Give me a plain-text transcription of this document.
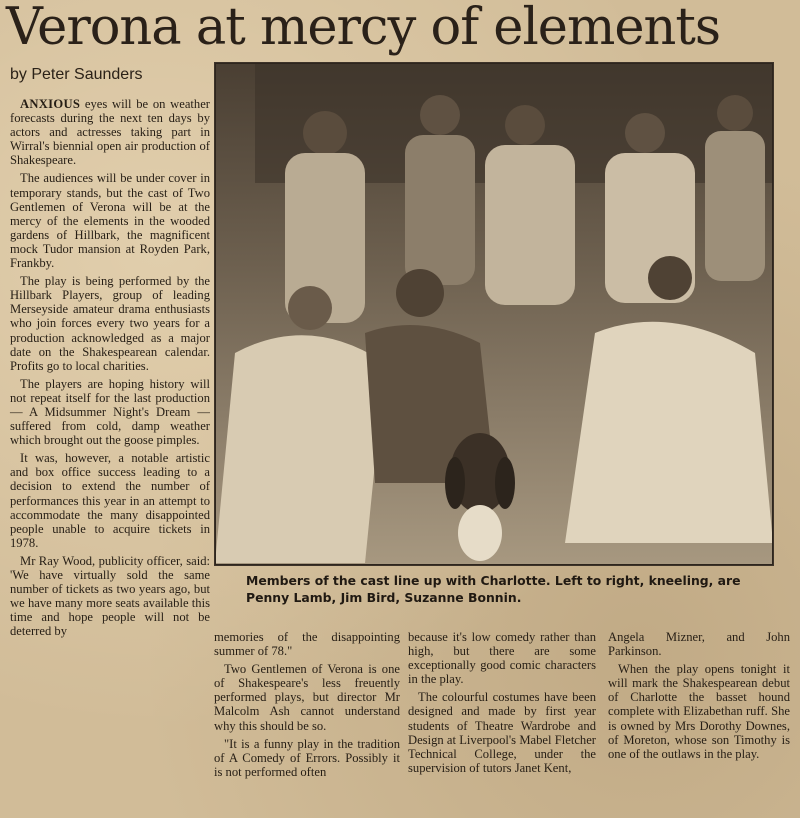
Verona at mercy of elements
by Peter Saunders

ANXIOUS eyes will be on weather forecasts during the next ten days by actors and actresses taking part in Wirral's biennial open air production of Shakespeare.

The audiences will be under cover in temporary stands, but the cast of Two Gentlemen of Verona will be at the mercy of the elements in the wooded gardens of Hillbark, the magnificent mock Tudor mansion at Royden Park, Frankby.

The play is being performed by the Hillbark Players, group of leading Merseyside amateur drama enthusiasts who join forces every two years for a production acknowledged as a major date on the Shakespearean calendar. Profits go to local charities.

The players are hoping history will not repeat itself for the last production — A Midsummer Night's Dream — suffered from cold, damp weather which brought out the goose pimples.

It was, however, a notable artistic and box office success leading to a decision to extend the number of performances this year in an attempt to accommodate the many disappointed people unable to acquire tickets in 1978.

Mr Ray Wood, publicity officer, said: 'We have virtually sold the same number of tickets as two years ago, but we have many more seats available this time and hope people will not be deterred by

Members of the cast line up with Charlotte. Left to right, kneeling, are Penny Lamb, Jim Bird, Suzanne Bonnin.

memories of the disappointing summer of 78."

Two Gentlemen of Verona is one of Shakespeare's less freuently performed plays, but director Mr Malcolm Ash cannot understand why this should be so.

"It is a funny play in the tradition of A Comedy of Errors. Possibly it is not performed often

because it's low comedy rather than high, but there are some exceptionally good comic characters in the play.

The colourful costumes have been designed and made by first year students of Theatre Wardrobe and Design at Liverpool's Mabel Fletcher Technical College, under the supervision of tutors Janet Kent,

Angela Mizner, and John Parkinson.

When the play opens tonight it will mark the Shakespearean debut of Charlotte the basset hound complete with Elizabethan ruff. She is owned by Mrs Dorothy Downes, of Moreton, whose son Timothy is one of the outlaws in the play.
